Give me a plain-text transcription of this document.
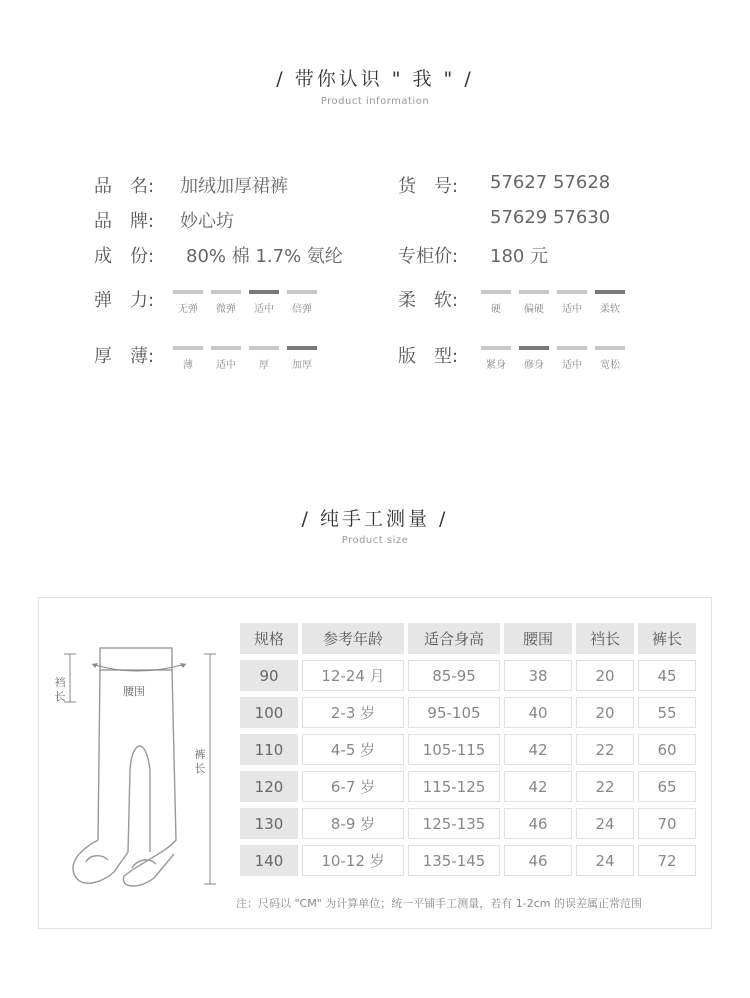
/ 带你认识 " 我 " /
Product information
品　名: 加绒加厚裙裤
品　牌: 妙心坊
成　份: 80% 棉 1.7% 氨纶
货　号: 57627 57628
57629 57630
专柜价: 180 元
弹　力:	无弹	微弹	适中	倍弹	柔　软:	硬	偏硬	适中	柔软
厚　薄:	薄	适中	厚	加厚	版　型:	紧身	修身	适中	宽松
/ 纯手工测量 /
Product size
裆长	腰围
裤长
规格	参考年龄	适合身高	腰围	裆长	裤长
90	12-24 月	85-95	38	20	45
100	2-3 岁	95-105	40	20	55
110	4-5 岁	105-115	42	22	60
120	6-7 岁	115-125	42	22	65
130	8-9 岁	125-135	46	24	70
140	10-12 岁	135-145	46	24	72
注：尺码以 "CM" 为计算单位；统一平铺手工测量，若有 1-2cm 的误差属正常范围
